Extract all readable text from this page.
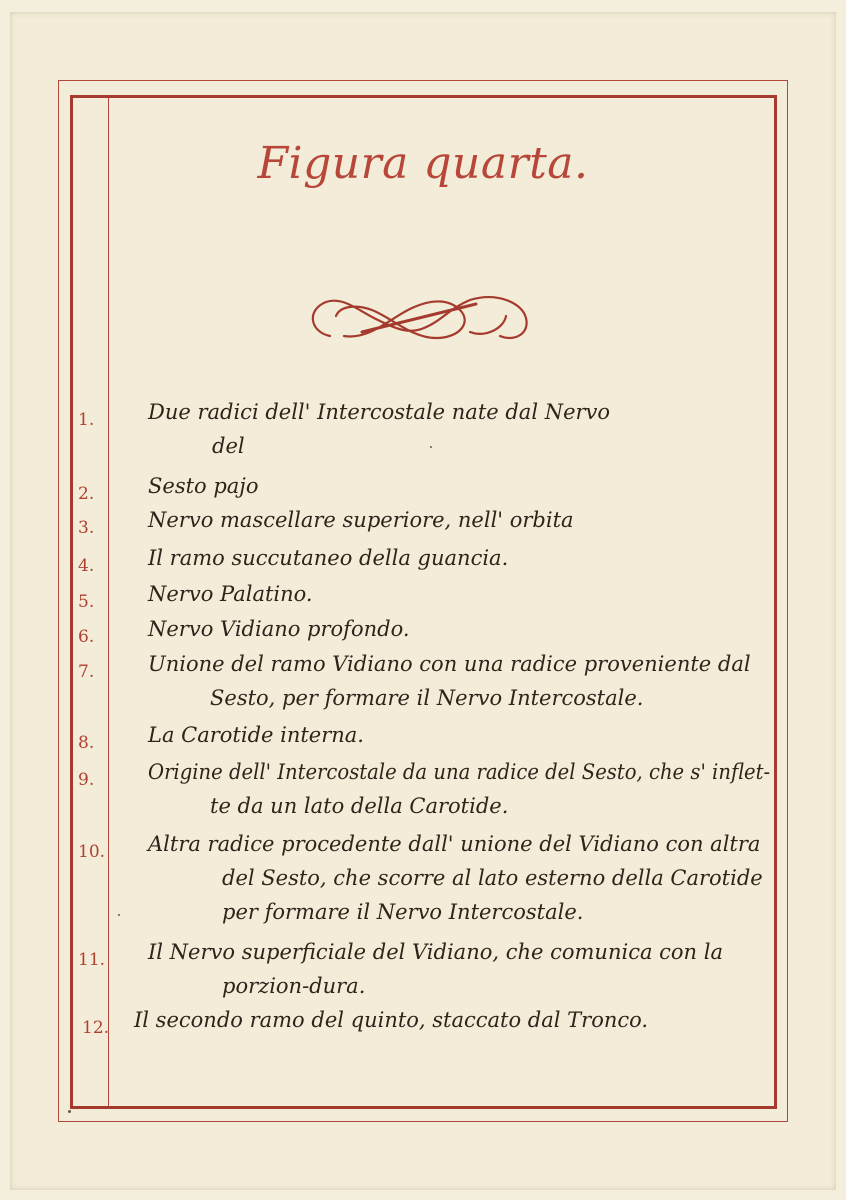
Figura quarta.
1.	Due radici dell' Intercostale nate dal Nervo
del
2.	Sesto pajo
3.	Nervo mascellare superiore, nell' orbita
4.	Il ramo succutaneo della guancia.
5.	Nervo Palatino.
6.	Nervo Vidiano profondo.
7.	Unione del ramo Vidiano con una radice proveniente dal
Sesto, per formare il Nervo Intercostale.
8.	La Carotide interna.
9.	Origine dell' Intercostale da una radice del Sesto, che s' inflet-
te da un lato della Carotide.
10. Altra radice procedente dall' unione del Vidiano con altra
del Sesto, che scorre al lato esterno della Carotide
per formare il Nervo Intercostale.
11. Il Nervo superficiale del Vidiano, che comunica con la
porzion-dura.
12. Il secondo ramo del quinto, staccato dal Tronco.
